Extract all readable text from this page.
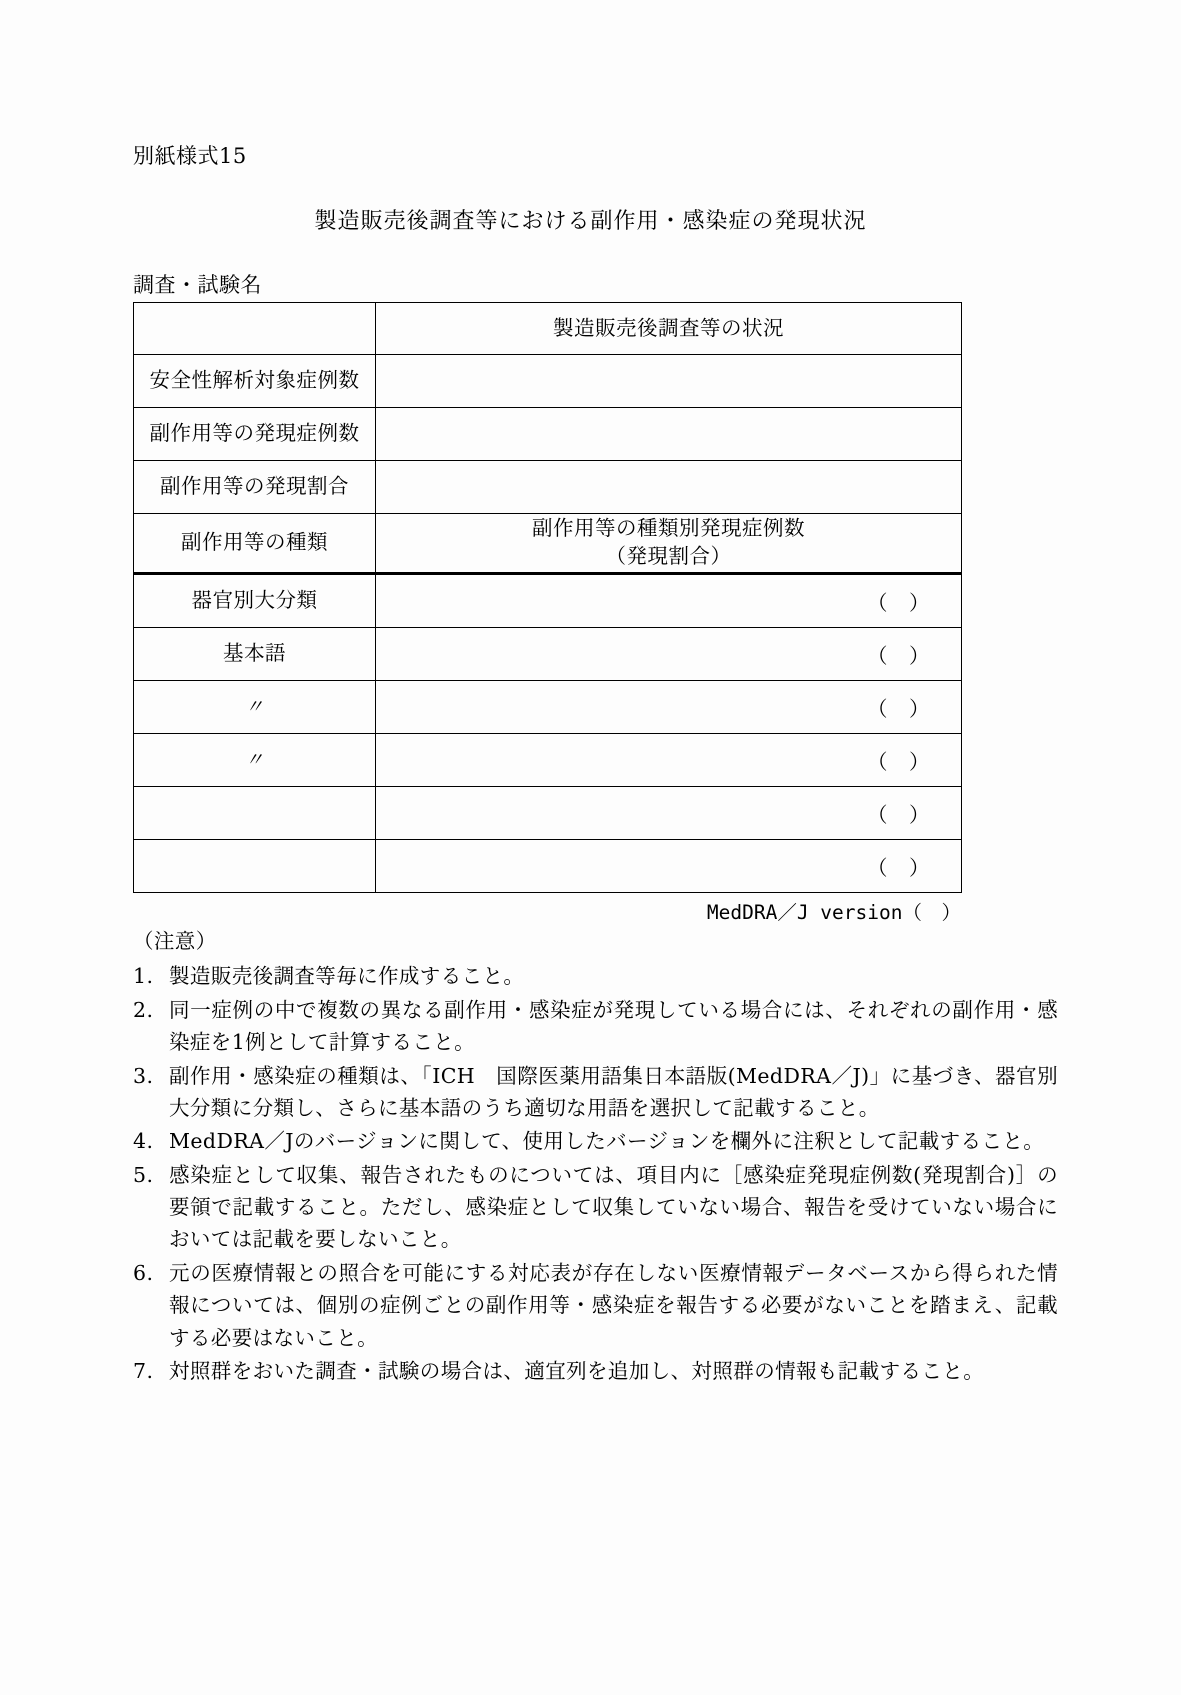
別紙様式15
製造販売後調査等における副作用・感染症の発現状況
調査・試験名
	製造販売後調査等の状況
安全性解析対象症例数	
副作用等の発現症例数	
副作用等の発現割合	
副作用等の種類	副作用等の種類別発現症例数
（発現割合）
器官別大分類	（　）

基本語	（　）

〃	（　）

〃	（　）

	（　）

	（　）
MedDRA／J version（　）
（注意）
1. 製造販売後調査等毎に作成すること。
2. 同一症例の中で複数の異なる副作用・感染症が発現している場合には、それぞれの副作用・感染症を1例として計算すること。
3. 副作用・感染症の種類は、「ICH　国際医薬用語集日本語版(MedDRA／J)」に基づき、器官別大分類に分類し、さらに基本語のうち適切な用語を選択して記載すること。
4. MedDRA／Jのバージョンに関して、使用したバージョンを欄外に注釈として記載すること。
5. 感染症として収集、報告されたものについては、項目内に［感染症発現症例数(発現割合)］の要領で記載すること。ただし、感染症として収集していない場合、報告を受けていない場合においては記載を要しないこと。
6. 元の医療情報との照合を可能にする対応表が存在しない医療情報データベースから得られた情報については、個別の症例ごとの副作用等・感染症を報告する必要がないことを踏まえ、記載する必要はないこと。
7. 対照群をおいた調査・試験の場合は、適宜列を追加し、対照群の情報も記載すること。
